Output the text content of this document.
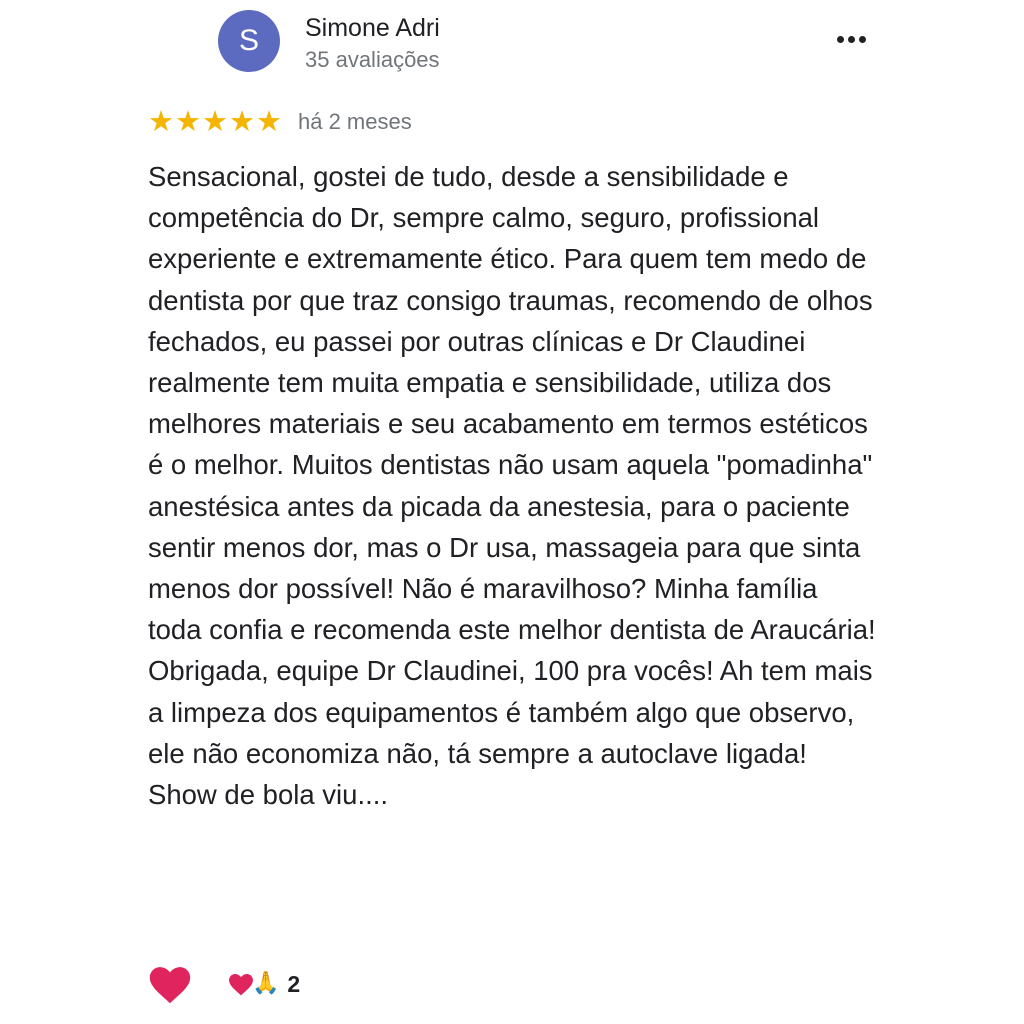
S	Simone Adri
35 avaliações
★ ★ ★ ★ ★ há 2 meses

Sensacional, gostei de tudo, desde a sensibilidade e competência do Dr, sempre calmo, seguro, profissional experiente e extremamente ético. Para quem tem medo de dentista por que traz consigo traumas, recomendo de olhos fechados, eu passei por outras clínicas e Dr Claudinei realmente tem muita empatia e sensibilidade, utiliza dos melhores materiais e seu acabamento em termos estéticos é o melhor. Muitos dentistas não usam aquela "pomadinha" anestésica antes da picada da anestesia, para o paciente sentir menos dor, mas o Dr usa, massageia para que sinta menos dor possível! Não é maravilhoso? Minha família toda confia e recomenda este melhor dentista de Araucária! Obrigada, equipe Dr Claudinei, 100 pra vocês! Ah tem mais a limpeza dos equipamentos é também algo que observo, ele não economiza não, tá sempre a autoclave ligada! Show de bola viu....

🙏 2
